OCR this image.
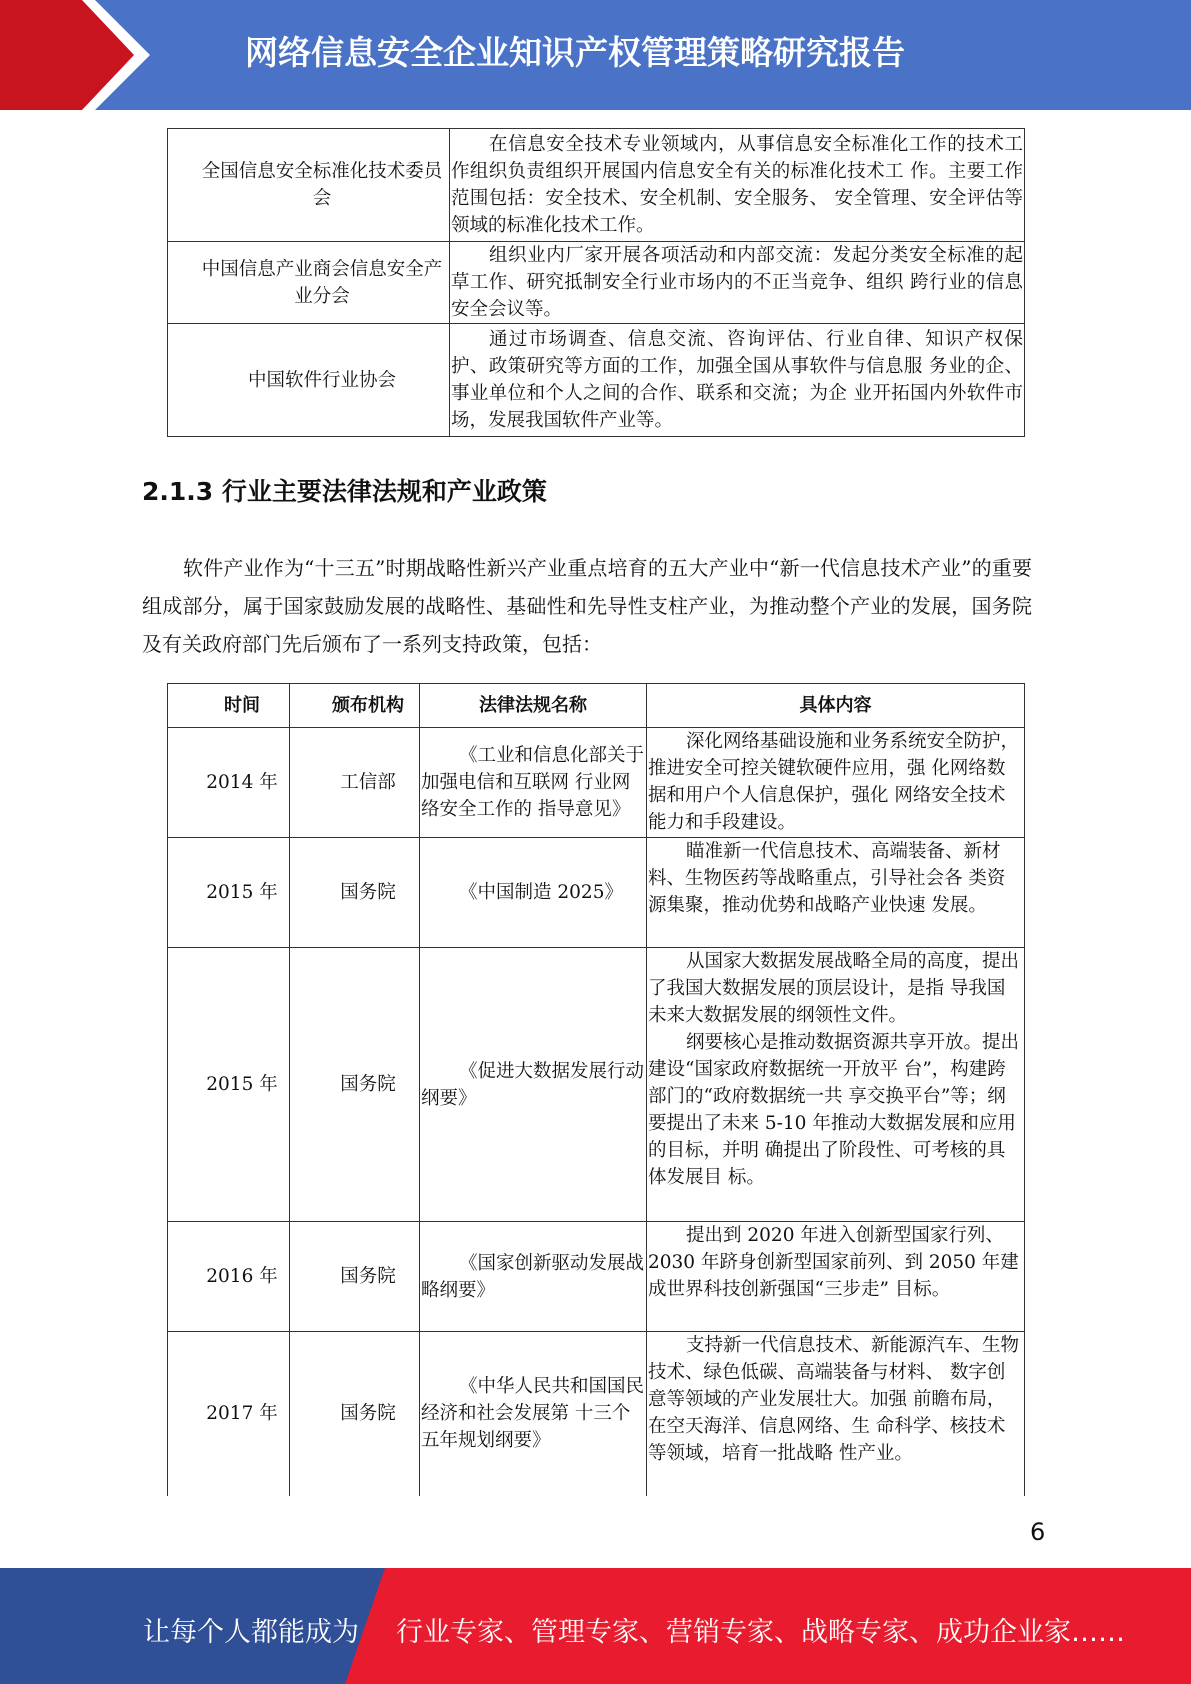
网络信息安全企业知识产权管理策略研究报告
全国信息安全标准化技术委员会	在信息安全技术专业领域内，从事信息安全标准化工作的技术工作组织负责组织开展国内信息安全有关的标准化技术工 作。主要工作范围包括：安全技术、安全机制、安全服务、 安全管理、安全评估等领域的标准化技术工作。
中国信息产业商会信息安全产业分会	组织业内厂家开展各项活动和内部交流：发起分类安全标准的起草工作、研究抵制安全行业市场内的不正当竞争、组织 跨行业的信息安全会议等。
中国软件行业协会	通过市场调查、信息交流、咨询评估、行业自律、知识产权保护、政策研究等方面的工作，加强全国从事软件与信息服 务业的企、事业单位和个人之间的合作、联系和交流；为企 业开拓国内外软件市场，发展我国软件产业等。
2.1.3 行业主要法律法规和产业政策
软件产业作为“十三五”时期战略性新兴产业重点培育的五大产业中“新一代信息技术产业”的重要组成部分，属于国家鼓励发展的战略性、基础性和先导性支柱产业，为推动整个产业的发展，国务院及有关政府部门先后颁布了一系列支持政策，包括：
时间	颁布机构	法律法规名称	具体内容
2014 年	工信部	《工业和信息化部关于加强电信和互联网 行业网络安全工作的 指导意见》	深化网络基础设施和业务系统安全防护，推进安全可控关键软硬件应用，强 化网络数据和用户个人信息保护，强化 网络安全技术能力和手段建设。

2015 年	国务院	《中国制造 2025》	瞄准新一代信息技术、高端装备、新材料、生物医药等战略重点，引导社会各 类资源集聚，推动优势和战略产业快速 发展。

2015 年	国务院	《促进大数据发展行动纲要》	从国家大数据发展战略全局的高度，提出了我国大数据发展的顶层设计，是指 导我国未来大数据发展的纲领性文件。
纲要核心是推动数据资源共享开放。提出建设“国家政府数据统一开放平 台”，构建跨部门的“政府数据统一共 享交换平台”等；纲要提出了未来 5-10 年推动大数据发展和应用的目标，并明 确提出了阶段性、可考核的具体发展目 标。

2016 年	国务院	《国家创新驱动发展战略纲要》	提出到 2020 年进入创新型国家行列、2030 年跻身创新型国家前列、到 2050 年建成世界科技创新强国“三步走” 目标。

2017 年	国务院	《中华人民共和国国民经济和社会发展第 十三个五年规划纲要》	支持新一代信息技术、新能源汽车、生物技术、绿色低碳、高端装备与材料、 数字创意等领域的产业发展壮大。加强 前瞻布局，在空天海洋、信息网络、生 命科学、核技术等领域，培育一批战略 性产业。
6
让每个人都能成为 行业专家、管理专家、营销专家、战略专家、成功企业家……
